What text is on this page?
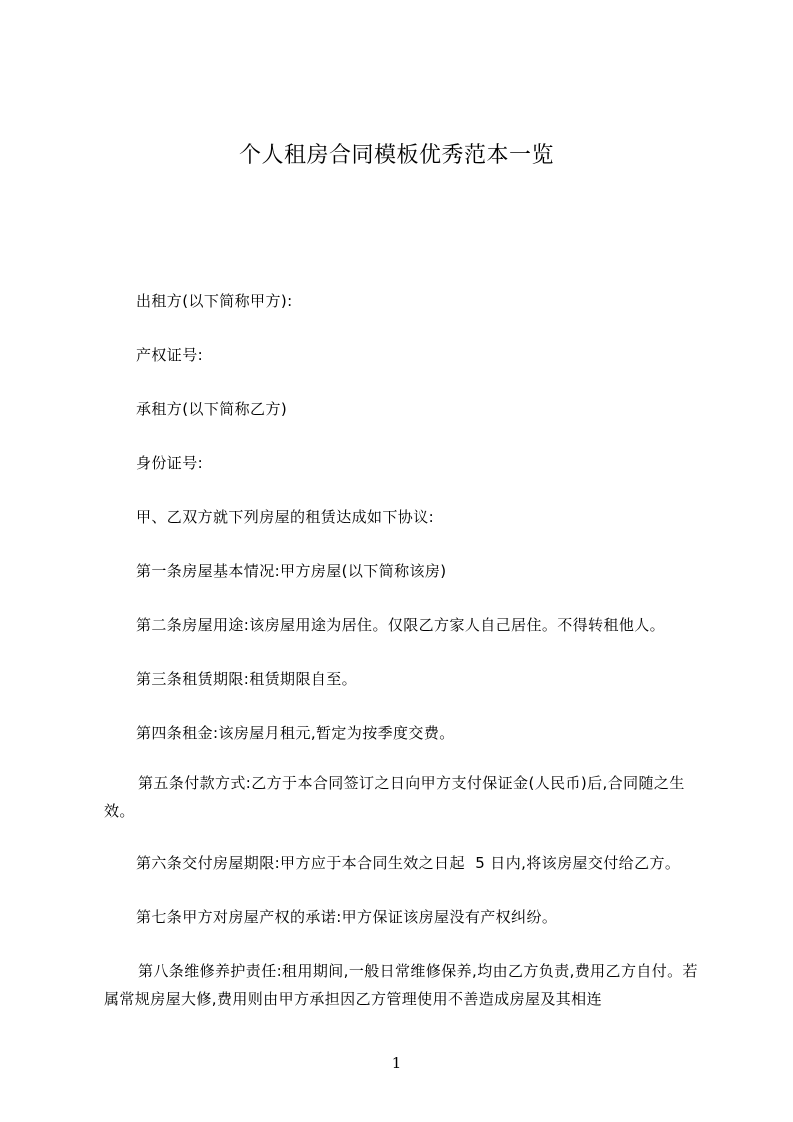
个人租房合同模板优秀范本一览
出租方(以下简称甲方):
产权证号:
承租方(以下简称乙方)
身份证号:
甲、乙双方就下列房屋的租赁达成如下协议:
第一条房屋基本情况:甲方房屋(以下简称该房)
第二条房屋用途:该房屋用途为居住。仅限乙方家人自己居住。不得转租他人。
第三条租赁期限:租赁期限自至。
第四条租金:该房屋月租元,暂定为按季度交费。
第五条付款方式:乙方于本合同签订之日向甲方支付保证金(人民币)后,合同随之生效。
第六条交付房屋期限:甲方应于本合同生效之日起  5 日内,将该房屋交付给乙方。
第七条甲方对房屋产权的承诺:甲方保证该房屋没有产权纠纷。
第八条维修养护责任:租用期间,一般日常维修保养,均由乙方负责,费用乙方自付。若属常规房屋大修,费用则由甲方承担因乙方管理使用不善造成房屋及其相连
1
